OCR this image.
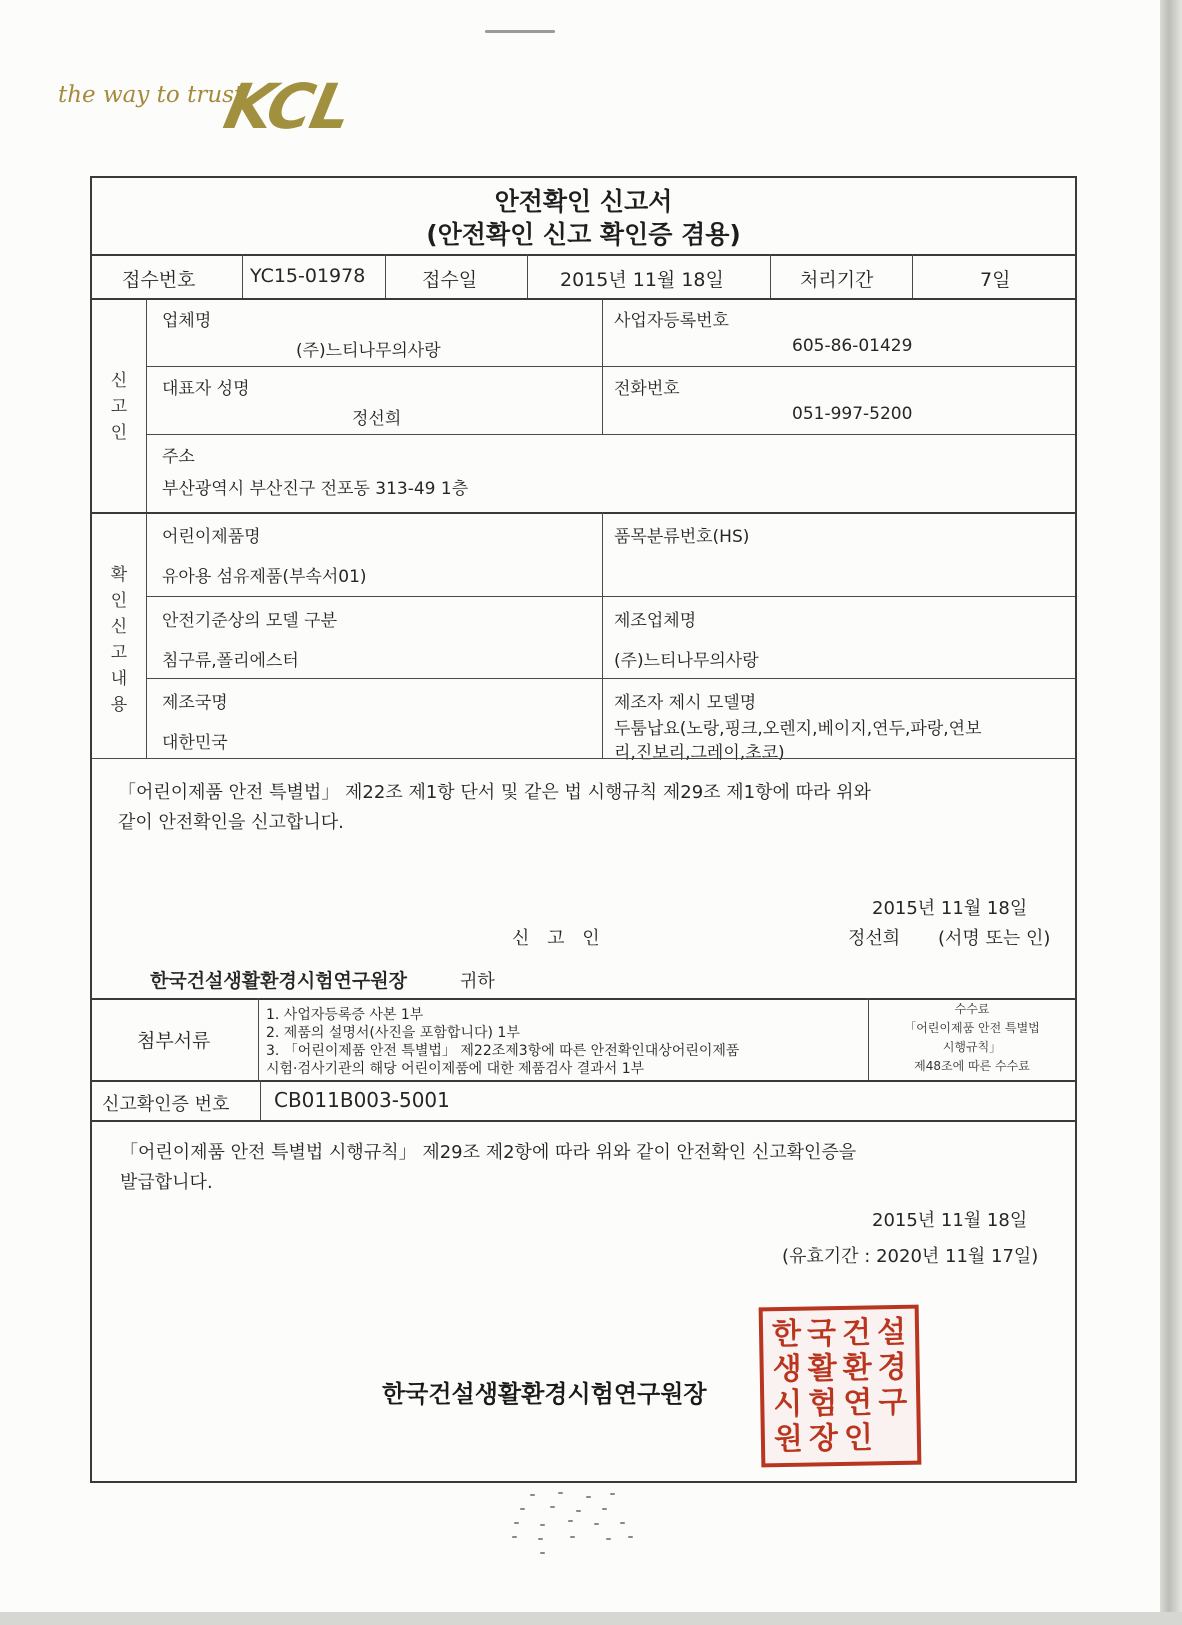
the way to trust
KCL
안전확인 신고서
(안전확인 신고 확인증 겸용)
접수번호	YC15-01978	접수일	2015년 11월 18일	처리기간	7일
신
고
인
업체명
(주)느티나무의사랑
사업자등록번호
605-86-01429
대표자 성명
정선희
전화번호
051-997-5200
주소
부산광역시 부산진구 전포동 313-49 1층
확
인
신
고
내
용
어린이제품명
유아용 섬유제품(부속서01)
품목분류번호(HS)
안전기준상의 모델 구분
침구류,폴리에스터
제조업체명
(주)느티나무의사랑
제조국명
대한민국
제조자 제시 모델명
두툼납요(노랑,핑크,오렌지,베이지,연두,파랑,연보
리,진보리,그레이,초코)
「어린이제품 안전 특별법」 제22조 제1항 단서 및 같은 법 시행규칙 제29조 제1항에 따라 위와
같이 안전확인을 신고합니다.
2015년 11월 18일
신 고 인	정선희 (서명 또는 인)
한국건설생활환경시험연구원장	귀하
첨부서류
1. 사업자등록증 사본 1부
2. 제품의 설명서(사진을 포함합니다) 1부
3. 「어린이제품 안전 특별법」 제22조제3항에 따른 안전확인대상어린이제품
시험·검사기관의 해당 어린이제품에 대한 제품검사 결과서 1부
수수료
「어린이제품 안전 특별법
시행규칙」
제48조에 따른 수수료
신고확인증 번호 CB011B003-5001
「어린이제품 안전 특별법 시행규칙」 제29조 제2항에 따라 위와 같이 안전확인 신고확인증을
발급합니다.
2015년 11월 18일
(유효기간 : 2020년 11월 17일)
한국건설생활환경시험연구원장
한 국 건 설
생 활 환 경
시 험 연 구
원 장 인
